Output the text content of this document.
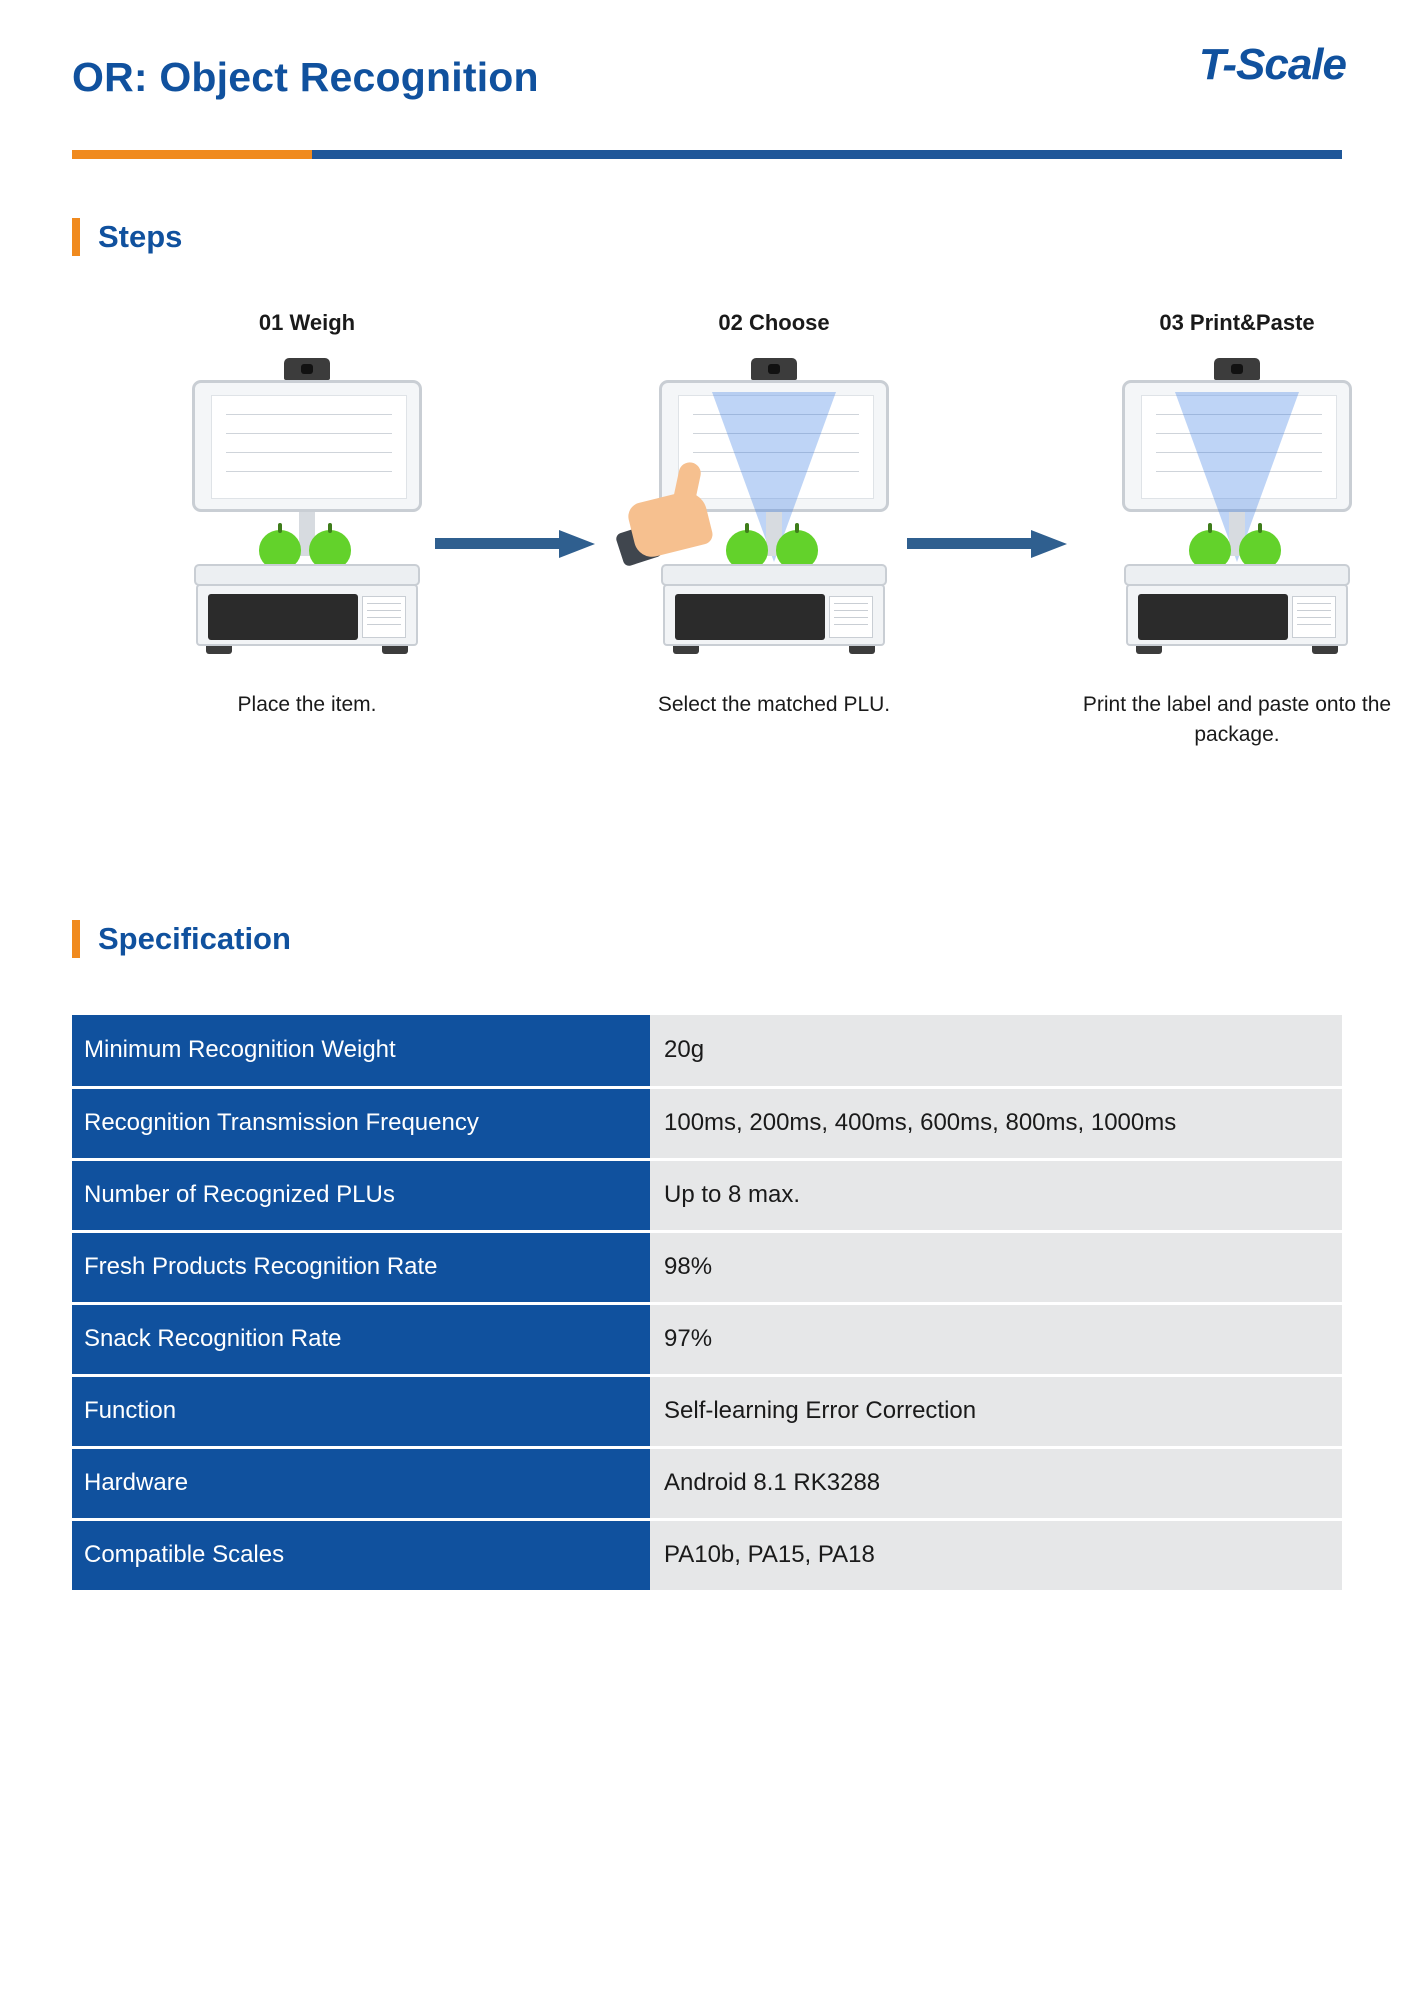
OR: Object Recognition	T-Scale
Steps
01 Weigh
Place the item.
02 Choose
Select the matched PLU.
03 Print&Paste
Print the label and paste onto the package.
Specification
Minimum Recognition Weight	20g
Recognition Transmission Frequency	100ms, 200ms, 400ms, 600ms, 800ms, 1000ms
Number of Recognized PLUs	Up to 8 max.
Fresh Products Recognition Rate	98%
Snack Recognition Rate	97%
Function	Self-learning Error Correction
Hardware	Android 8.1 RK3288
Compatible Scales	PA10b, PA15, PA18
